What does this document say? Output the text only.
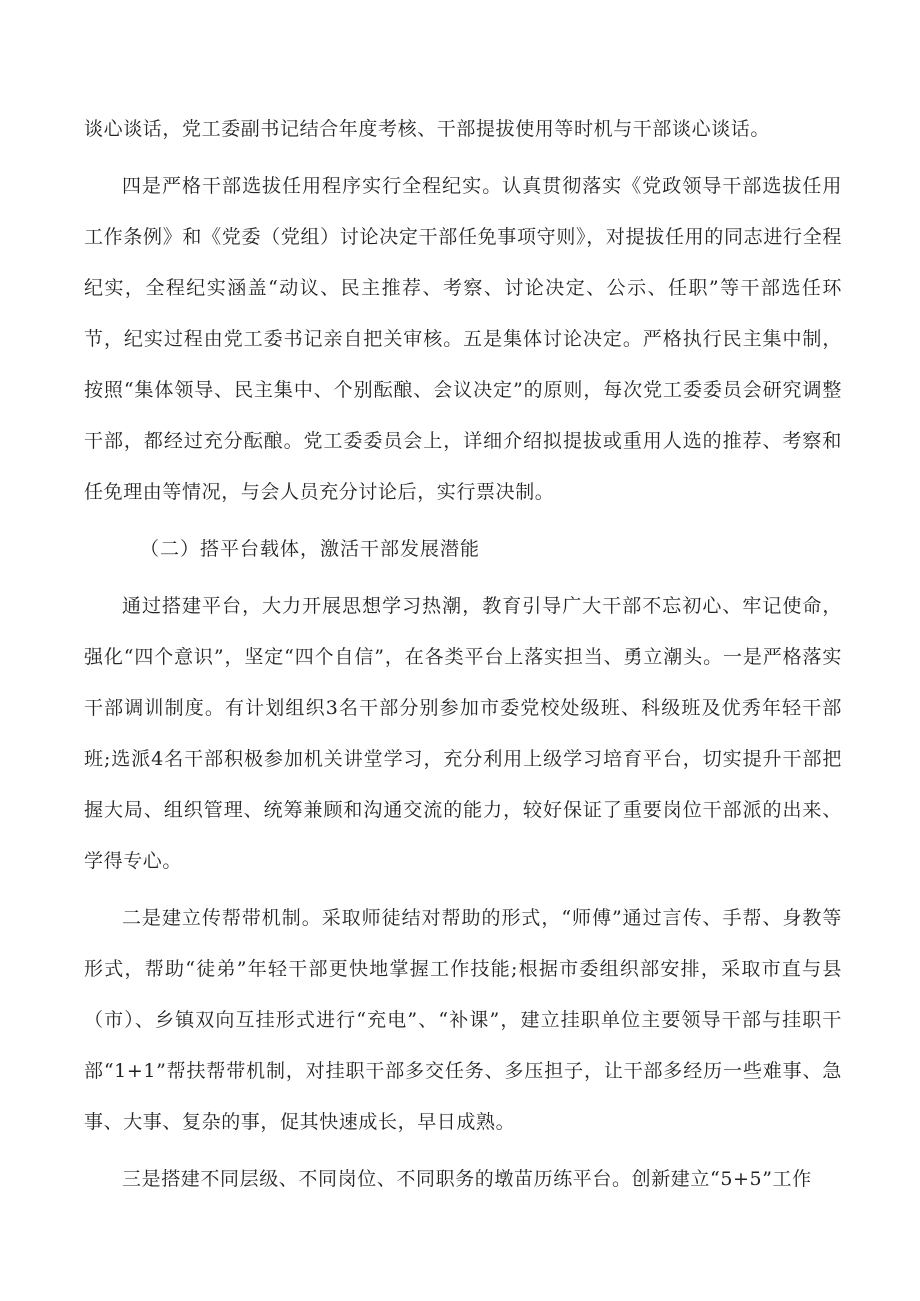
谈心谈话，党工委副书记结合年度考核、干部提拔使用等时机与干部谈心谈话。

四是严格干部选拔任用程序实行全程纪实。认真贯彻落实《党政领导干部选拔任用工作条例》和《党委（党组）讨论决定干部任免事项守则》，对提拔任用的同志进行全程纪实，全程纪实涵盖“动议、民主推荐、考察、讨论决定、公示、任职”等干部选任环节，纪实过程由党工委书记亲自把关审核。五是集体讨论决定。严格执行民主集中制，按照“集体领导、民主集中、个别酝酿、会议决定”的原则，每次党工委委员会研究调整干部，都经过充分酝酿。党工委委员会上，详细介绍拟提拔或重用人选的推荐、考察和任免理由等情况，与会人员充分讨论后，实行票决制。

（二）搭平台载体，激活干部发展潜能

通过搭建平台，大力开展思想学习热潮，教育引导广大干部不忘初心、牢记使命，强化“四个意识”，坚定“四个自信”，在各类平台上落实担当、勇立潮头。一是严格落实干部调训制度。有计划组织3名干部分别参加市委党校处级班、科级班及优秀年轻干部班;选派4名干部积极参加机关讲堂学习，充分利用上级学习培育平台，切实提升干部把握大局、组织管理、统筹兼顾和沟通交流的能力，较好保证了重要岗位干部派的出来、学得专心。

二是建立传帮带机制。采取师徒结对帮助的形式，“师傅”通过言传、手帮、身教等形式，帮助“徒弟”年轻干部更快地掌握工作技能;根据市委组织部安排，采取市直与县（市）、乡镇双向互挂形式进行“充电”、“补课”，建立挂职单位主要领导干部与挂职干部“1+1”帮扶帮带机制，对挂职干部多交任务、多压担子，让干部多经历一些难事、急事、大事、复杂的事，促其快速成长，早日成熟。

三是搭建不同层级、不同岗位、不同职务的墩苗历练平台。创新建立“5+5”工作
